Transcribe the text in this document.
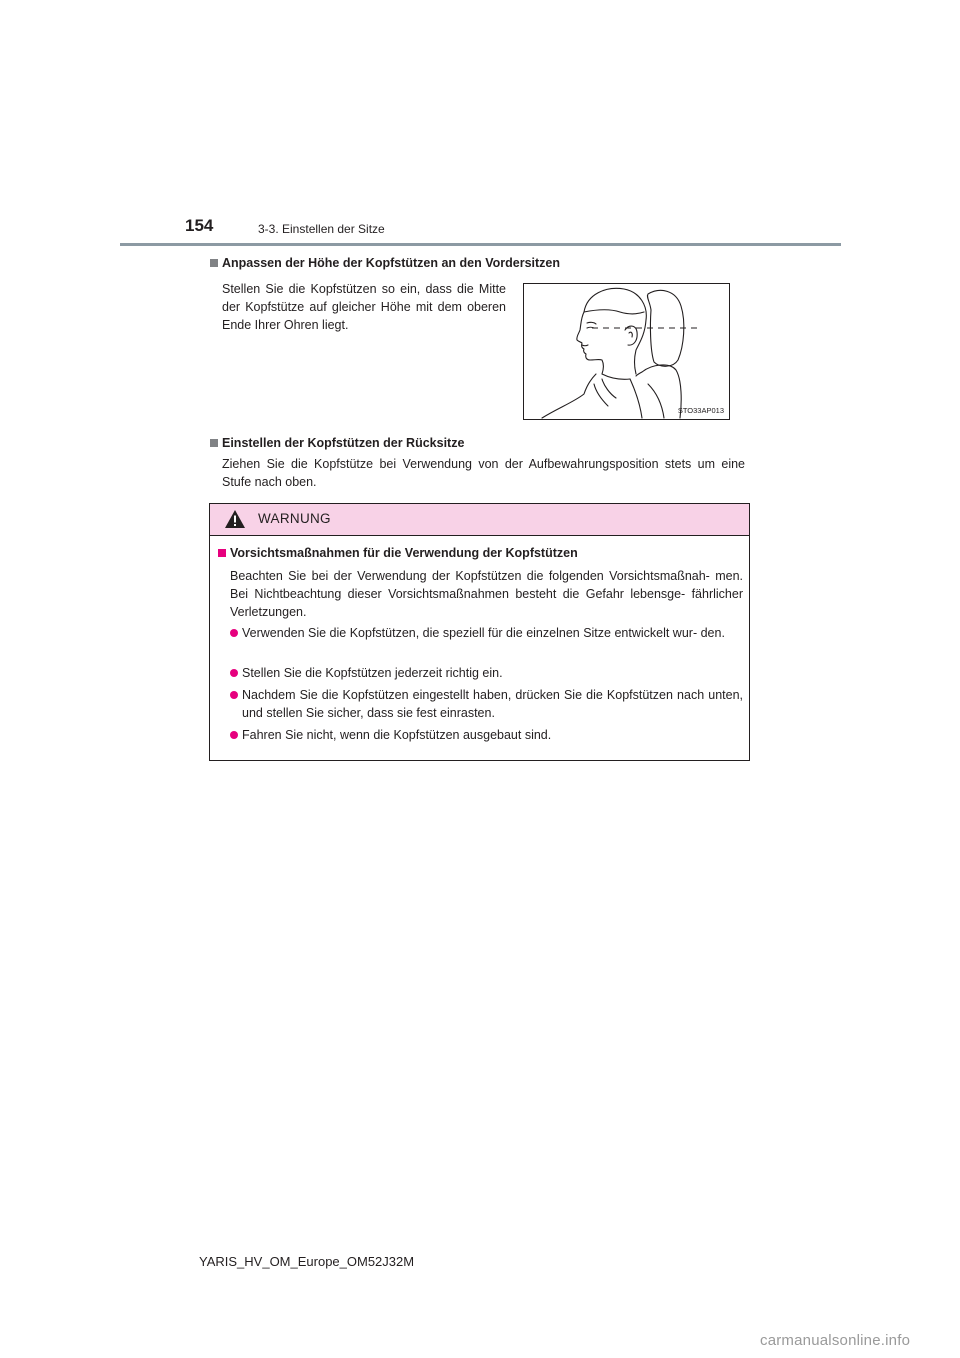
154	3-3. Einstellen der Sitze
Anpassen der Höhe der Kopfstützen an den Vordersitzen
Stellen Sie die Kopfstützen so ein, dass die Mitte der Kopfstütze auf gleicher Höhe mit dem oberen Ende Ihrer Ohren liegt.
STO33AP013
Einstellen der Kopfstützen der Rücksitze
Ziehen Sie die Kopfstütze bei Verwendung von der Aufbewahrungsposition stets um eine Stufe nach oben.
WARNUNG
Vorsichtsmaßnahmen für die Verwendung der Kopfstützen
Beachten Sie bei der Verwendung der Kopfstützen die folgenden Vorsichtsmaßnah- men. Bei Nichtbeachtung dieser Vorsichtsmaßnahmen besteht die Gefahr lebensge- fährlicher Verletzungen.
Verwenden Sie die Kopfstützen, die speziell für die einzelnen Sitze entwickelt wur- den.
Stellen Sie die Kopfstützen jederzeit richtig ein.
Nachdem Sie die Kopfstützen eingestellt haben, drücken Sie die Kopfstützen nach unten, und stellen Sie sicher, dass sie fest einrasten.
Fahren Sie nicht, wenn die Kopfstützen ausgebaut sind.
YARIS_HV_OM_Europe_OM52J32M
carmanualsonline.info
